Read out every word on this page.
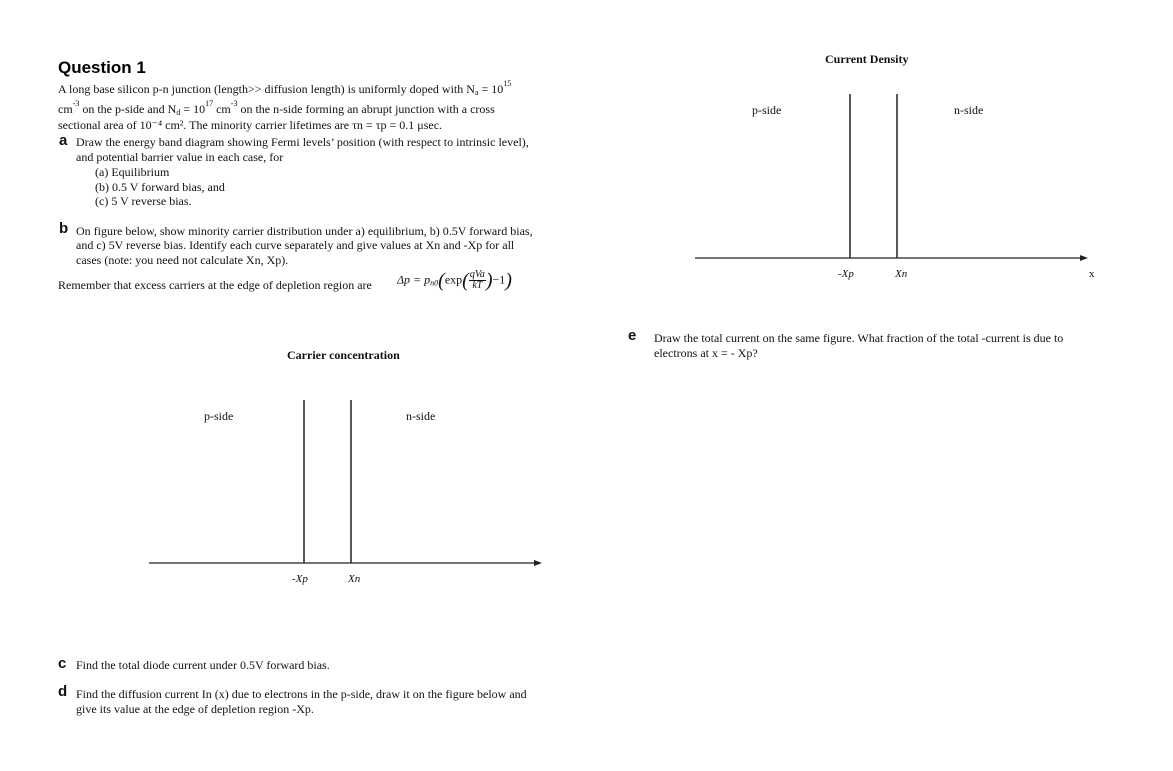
Question 1
A long base silicon p-n junction (length>> diffusion length) is uniformly doped with $N_a = 10^{15}$
$cm^{-3}$ on the p-side and $N_d = 10^{17}$ $cm^{-3}$ on the n-side forming an abrupt junction with a cross
sectional area of 10⁻⁴ cm². The minority carrier lifetimes are τn = τp = 0.1 μsec.
a Draw the energy band diagram showing Fermi levels’ position (with respect to intrinsic level),
and potential barrier value in each case, for
(a) Equilibrium
(b) 0.5 V forward bias, and
(c) 5 V reverse bias.
b On figure below, show minority carrier distribution under a) equilibrium, b) 0.5V forward bias,
and c) 5V reverse bias. Identify each curve separately and give values at Xn and -Xp for all
cases (note: you need not calculate Xn, Xp).
Remember that excess carriers at the edge of depletion region are $\Delta p = p_{n0}(\exp( \frac{\text{qVa}}{kT} )-1)$
Carrier concentration
p-side	n-side
-Xp	Xn
c Find the total diode current under 0.5V forward bias.
d Find the diffusion current In (x) due to electrons in the p-side, draw it on the figure below and
give its value at the edge of depletion region -Xp.
Current Density
p-side	n-side
-Xp	Xn	x
e Draw the total current on the same figure. What fraction of the total -current is due to
electrons at x = - Xp?
